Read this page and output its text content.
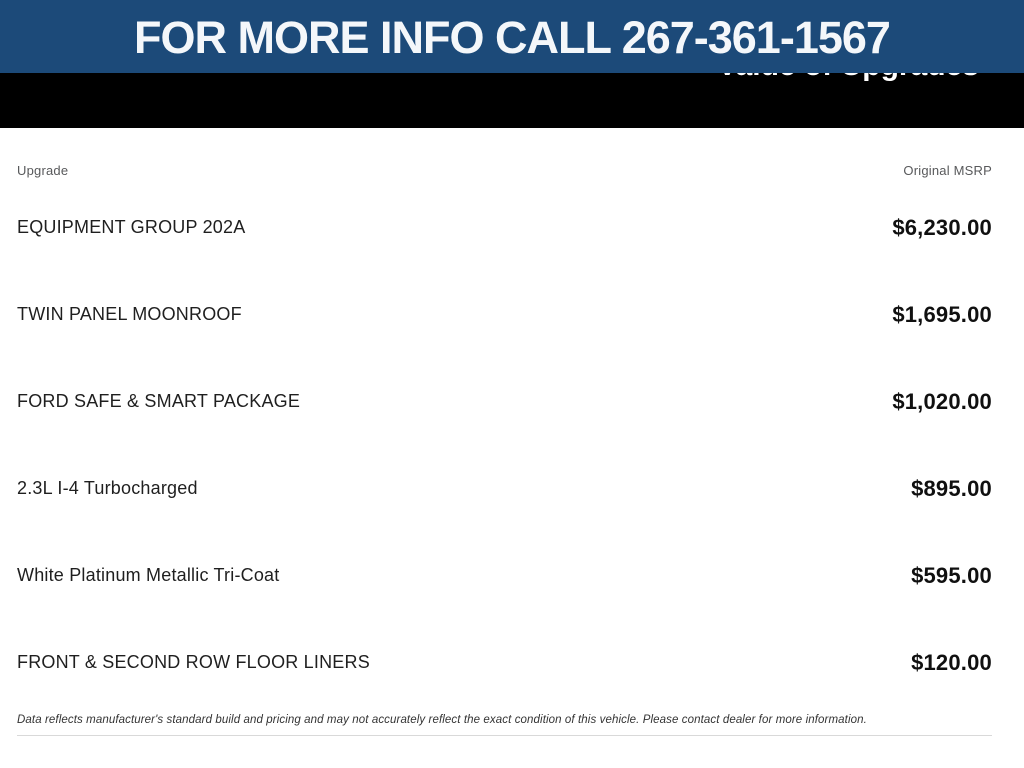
FOR MORE INFO CALL 267-361-1567
Upgrade	Original MSRP
EQUIPMENT GROUP 202A	$6,230.00
TWIN PANEL MOONROOF	$1,695.00
FORD SAFE & SMART PACKAGE	$1,020.00
2.3L I-4 Turbocharged	$895.00
White Platinum Metallic Tri-Coat	$595.00
FRONT & SECOND ROW FLOOR LINERS	$120.00
Data reflects manufacturer's standard build and pricing and may not accurately reflect the exact condition of this vehicle. Please contact dealer for more information.
